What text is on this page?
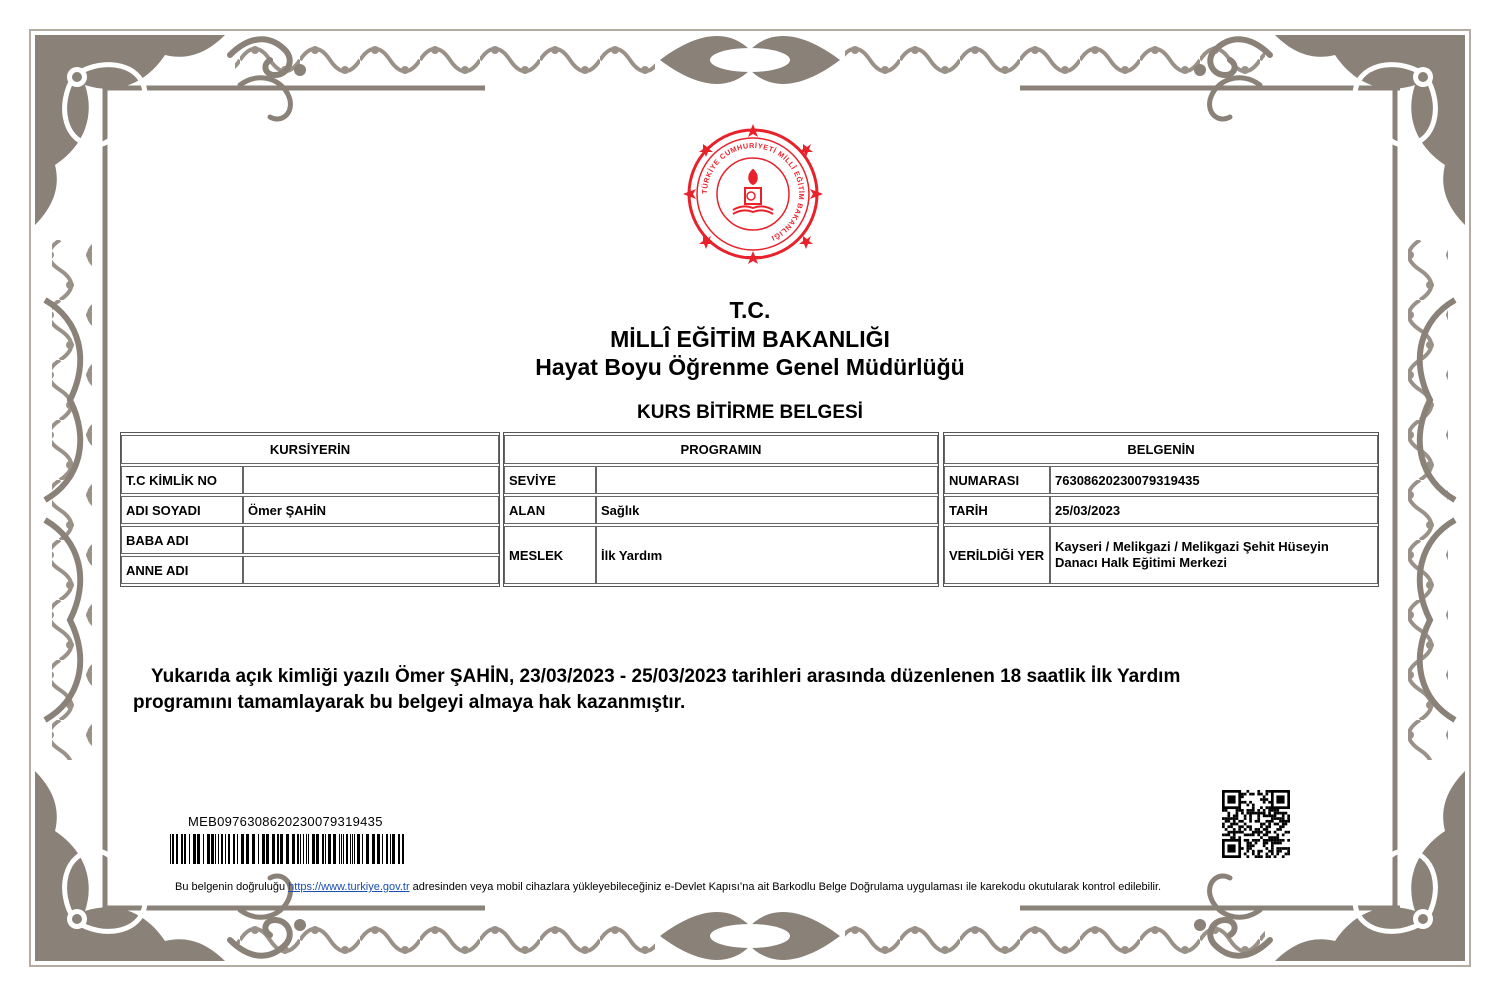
TÜRKİYE CUMHURİYETİ MİLLÎ EĞİTİM BAKANLIĞI
T.C.
MİLLÎ EĞİTİM BAKANLIĞI
Hayat Boyu Öğrenme Genel Müdürlüğü
KURS BİTİRME BELGESİ
KURSİYERİN	
T.C KİMLİK NO	
ADI SOYADI	Ömer ŞAHİN
BABA ADI	
ANNE ADI	
PROGRAMIN	
SEVİYE	
ALAN	Sağlık
MESLEK	İlk Yardım
BELGENİN	
NUMARASI	76308620230079319435
TARİH	25/03/2023
VERİLDİĞİ YER	Kayseri / Melikgazi / Melikgazi Şehit Hüseyin Danacı Halk Eğitimi Merkezi
Yukarıda açık kimliği yazılı Ömer ŞAHİN, 23/03/2023 - 25/03/2023 tarihleri arasında düzenlenen 18 saatlik İlk Yardım
programını tamamlayarak bu belgeyi almaya hak kazanmıştır.
MEB0976308620230079319435
Bu belgenin doğruluğu https://www.turkiye.gov.tr adresinden veya mobil cihazlara yükleyebileceğiniz e-Devlet Kapısı’na ait Barkodlu Belge Doğrulama uygulaması ile karekodu okutularak kontrol edilebilir.
